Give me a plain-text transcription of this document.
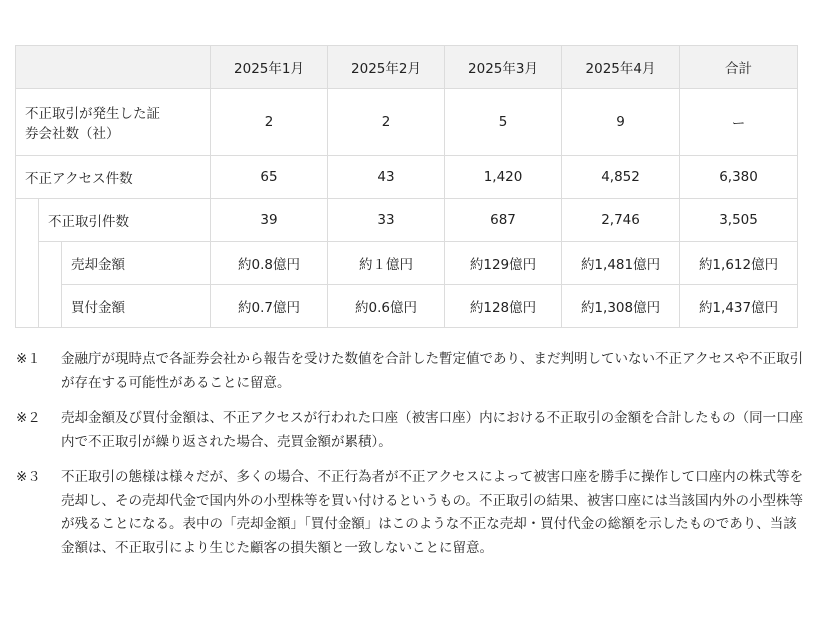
			2025年1月	2025年2月	2025年3月	2025年4月	合計
不正取引が発生した証券会社数（社）			2	2	5	9	ー
不正アクセス件数			65	43	1,420	4,852	6,380
	不正取引件数		39	33	687	2,746	3,505
		売却金額	約0.8億円	約１億円	約129億円	約1,481億円	約1,612億円
		買付金額	約0.7億円	約0.6億円	約128億円	約1,308億円	約1,437億円
※１ 金融庁が現時点で各証券会社から報告を受けた数値を合計した暫定値であり、まだ判明していない不正アクセスや不正取引が存在する可能性があることに留意。
※２ 売却金額及び買付金額は、不正アクセスが行われた口座（被害口座）内における不正取引の金額を合計したもの（同一口座内で不正取引が繰り返された場合、売買金額が累積）。
※３ 不正取引の態様は様々だが、多くの場合、不正行為者が不正アクセスによって被害口座を勝手に操作して口座内の株式等を売却し、その売却代金で国内外の小型株等を買い付けるというもの。不正取引の結果、被害口座には当該国内外の小型株等が残ることになる。表中の「売却金額」「買付金額」はこのような不正な売却・買付代金の総額を示したものであり、当該金額は、不正取引により生じた顧客の損失額と一致しないことに留意。
